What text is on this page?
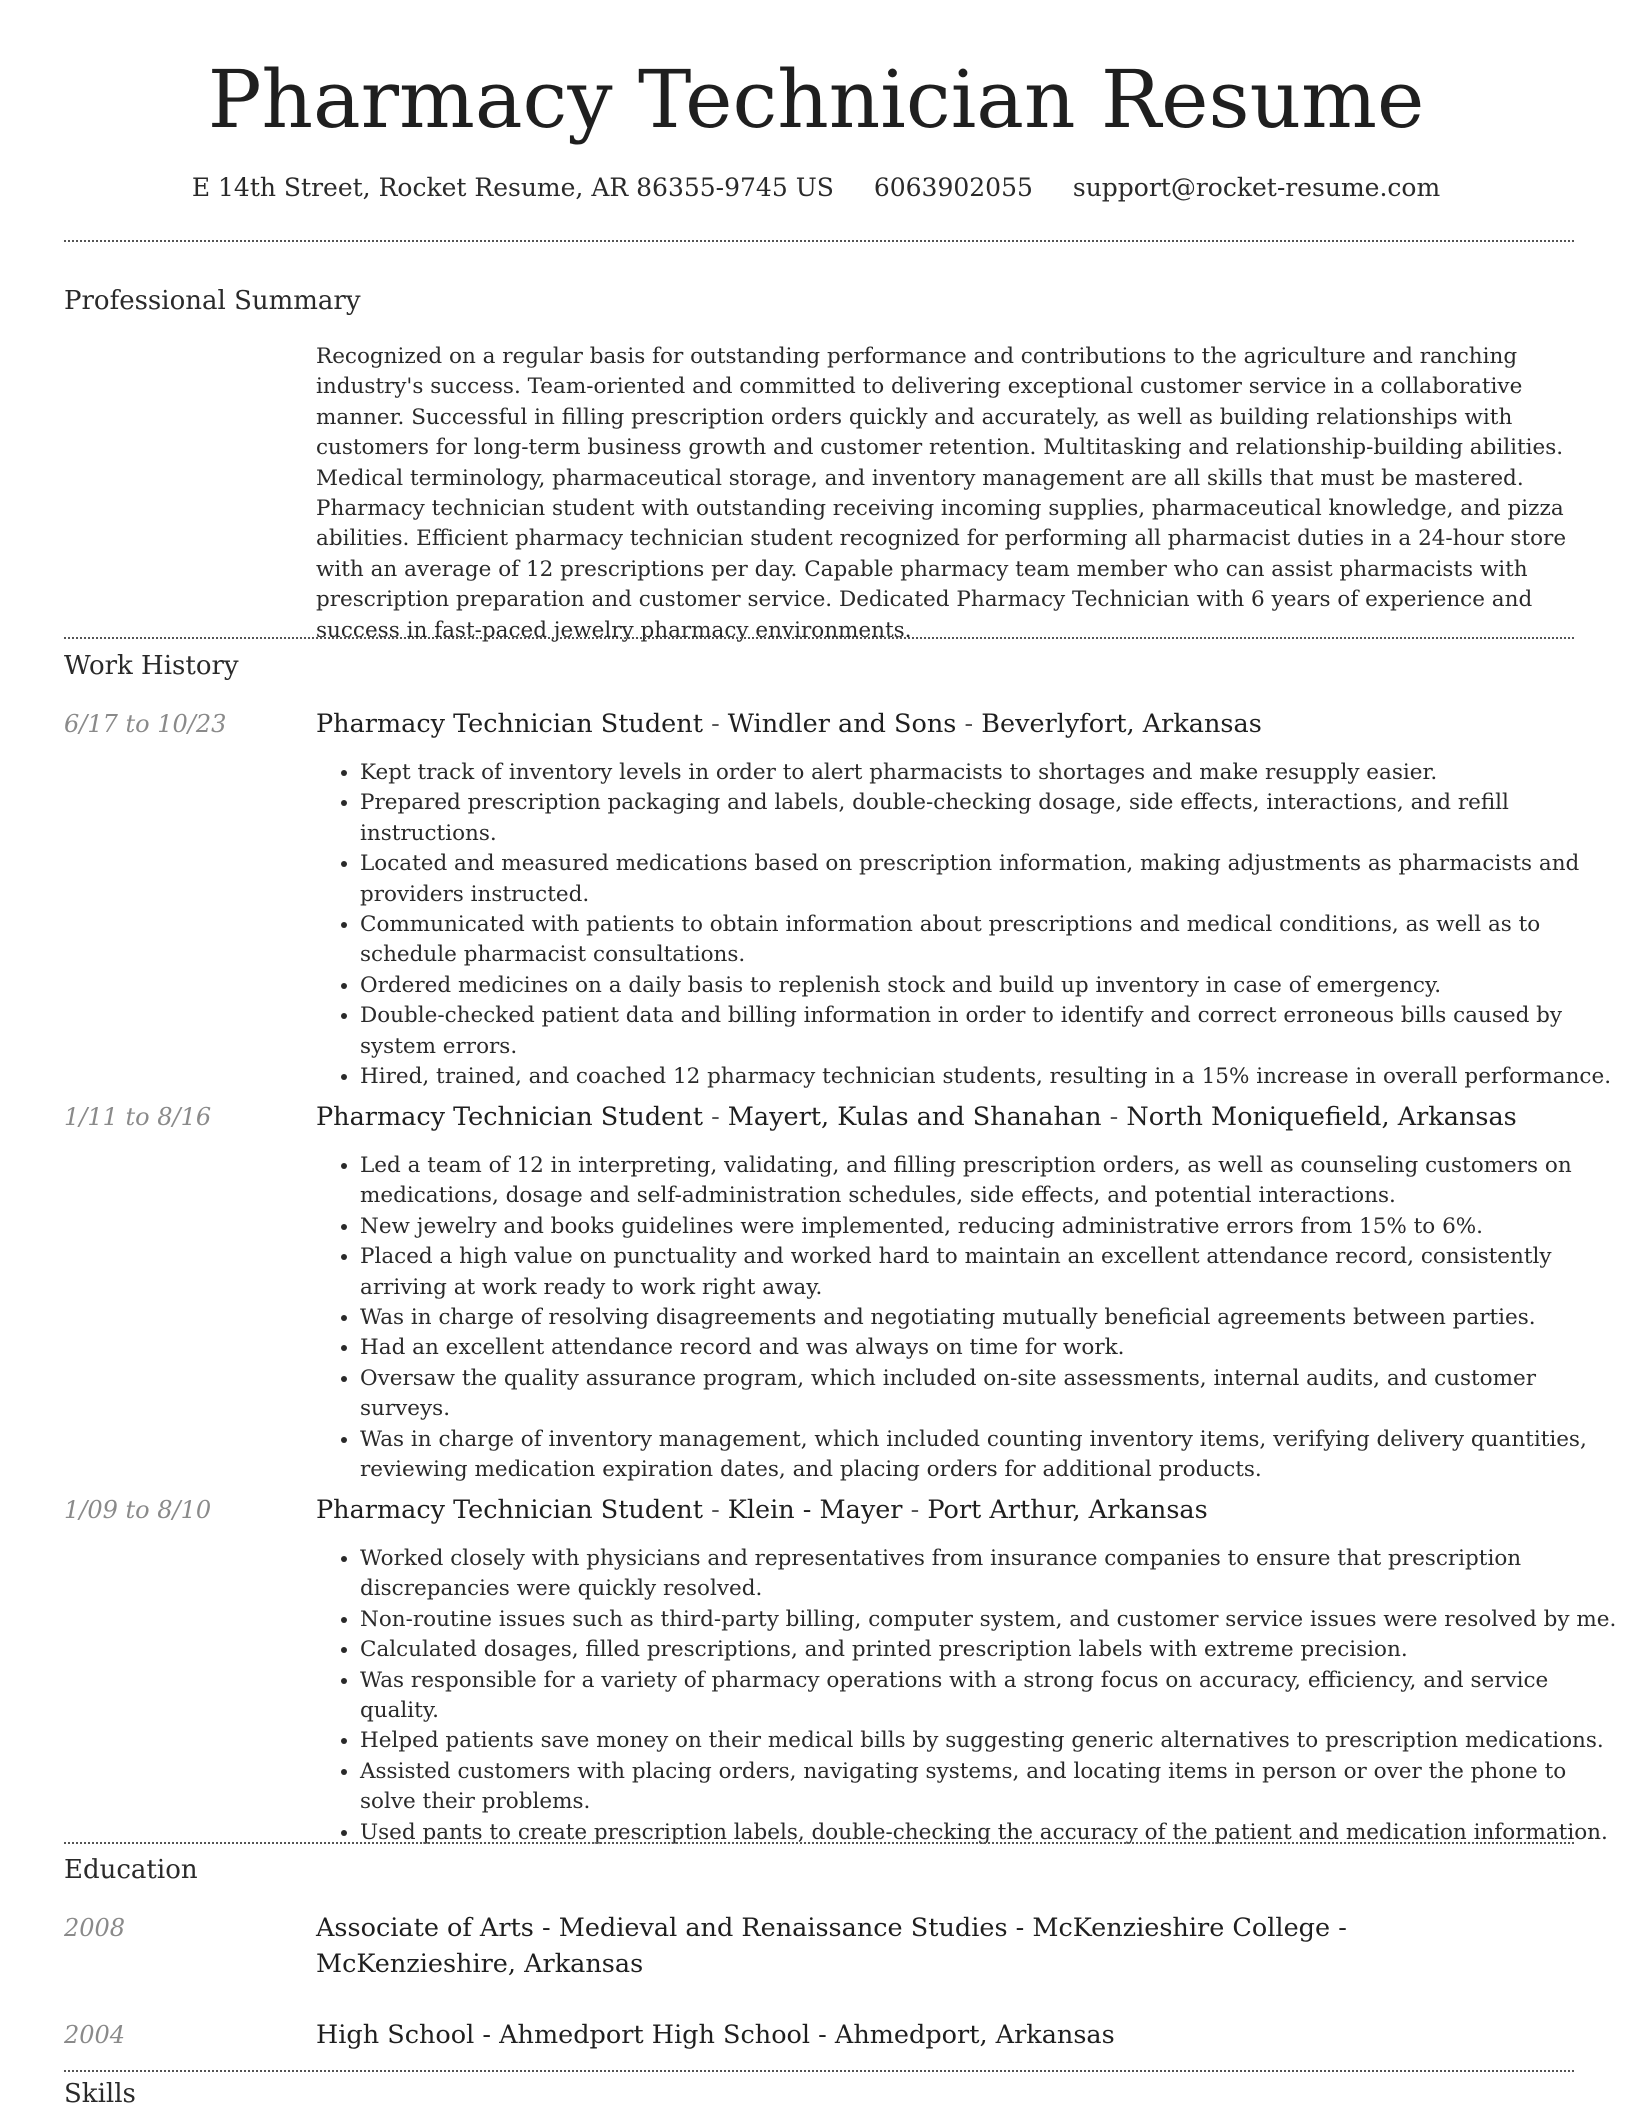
Pharmacy Technician Resume
E 14th Street, Rocket Resume, AR 86355-9745 US 6063902055 support@rocket-resume.com
Professional Summary

Recognized on a regular basis for outstanding performance and contributions to the agriculture and ranching industry's success. Team-oriented and committed to delivering exceptional customer service in a collaborative manner. Successful in filling prescription orders quickly and accurately, as well as building relationships with customers for long-term business growth and customer retention. Multitasking and relationship-building abilities. Medical terminology, pharmaceutical storage, and inventory management are all skills that must be mastered. Pharmacy technician student with outstanding receiving incoming supplies, pharmaceutical knowledge, and pizza abilities. Efficient pharmacy technician student recognized for performing all pharmacist duties in a 24-hour store with an average of 12 prescriptions per day. Capable pharmacy team member who can assist pharmacists with prescription preparation and customer service. Dedicated Pharmacy Technician with 6 years of experience and success in fast-paced jewelry pharmacy environments.

Work History
6/17 to 10/23	Pharmacy Technician Student - Windler and Sons - Beverlyfort, Arkansas
• Kept track of inventory levels in order to alert pharmacists to shortages and make resupply easier.
• Prepared prescription packaging and labels, double-checking dosage, side effects, interactions, and refill instructions.
• Located and measured medications based on prescription information, making adjustments as pharmacists and providers instructed.
• Communicated with patients to obtain information about prescriptions and medical conditions, as well as to schedule pharmacist consultations.
• Ordered medicines on a daily basis to replenish stock and build up inventory in case of emergency.
• Double-checked patient data and billing information in order to identify and correct erroneous bills caused by system errors.
• Hired, trained, and coached 12 pharmacy technician students, resulting in a 15% increase in overall performance.
1/11 to 8/16	Pharmacy Technician Student - Mayert, Kulas and Shanahan - North Moniquefield, Arkansas
• Led a team of 12 in interpreting, validating, and filling prescription orders, as well as counseling customers on medications, dosage and self-administration schedules, side effects, and potential interactions.
• New jewelry and books guidelines were implemented, reducing administrative errors from 15% to 6%.
• Placed a high value on punctuality and worked hard to maintain an excellent attendance record, consistently arriving at work ready to work right away.
• Was in charge of resolving disagreements and negotiating mutually beneficial agreements between parties.
• Had an excellent attendance record and was always on time for work.
• Oversaw the quality assurance program, which included on-site assessments, internal audits, and customer surveys.
• Was in charge of inventory management, which included counting inventory items, verifying delivery quantities, reviewing medication expiration dates, and placing orders for additional products.
1/09 to 8/10	Pharmacy Technician Student - Klein - Mayer - Port Arthur, Arkansas
• Worked closely with physicians and representatives from insurance companies to ensure that prescription discrepancies were quickly resolved.
• Non-routine issues such as third-party billing, computer system, and customer service issues were resolved by me.
• Calculated dosages, filled prescriptions, and printed prescription labels with extreme precision.
• Was responsible for a variety of pharmacy operations with a strong focus on accuracy, efficiency, and service quality.
• Helped patients save money on their medical bills by suggesting generic alternatives to prescription medications.
• Assisted customers with placing orders, navigating systems, and locating items in person or over the phone to solve their problems.
• Used pants to create prescription labels, double-checking the accuracy of the patient and medication information.
Education
2008	Associate of Arts - Medieval and Renaissance Studies - McKenzieshire College - McKenzieshire, Arkansas
2004	High School - Ahmedport High School - Ahmedport, Arkansas
Skills
